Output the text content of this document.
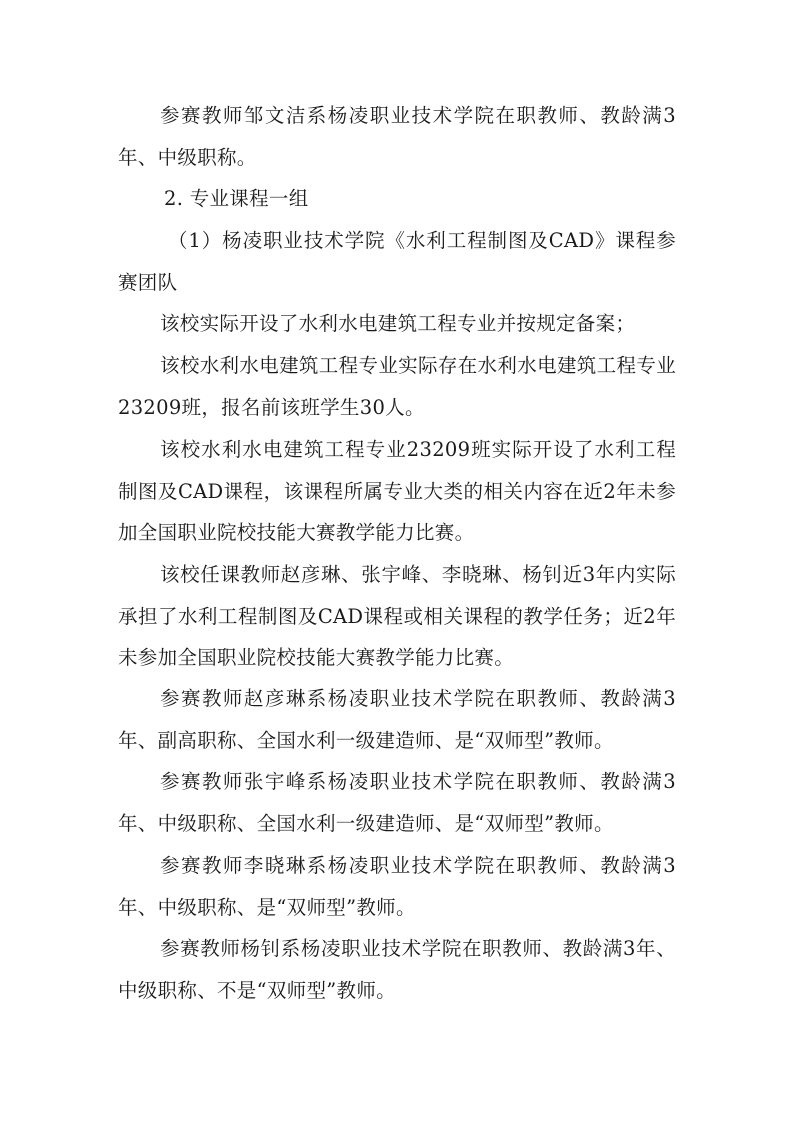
参赛教师邹文洁系杨凌职业技术学院在职教师、教龄满3年、中级职称。

2. 专业课程一组

（1）杨凌职业技术学院《水利工程制图及CAD》课程参赛团队

该校实际开设了水利水电建筑工程专业并按规定备案；

该校水利水电建筑工程专业实际存在水利水电建筑工程专业23209班，报名前该班学生30人。

该校水利水电建筑工程专业23209班实际开设了水利工程制图及CAD课程，该课程所属专业大类的相关内容在近2年未参加全国职业院校技能大赛教学能力比赛。

该校任课教师赵彦琳、张宇峰、李晓琳、杨钊近3年内实际承担了水利工程制图及CAD课程或相关课程的教学任务；近2年未参加全国职业院校技能大赛教学能力比赛。

参赛教师赵彦琳系杨凌职业技术学院在职教师、教龄满3年、副高职称、全国水利一级建造师、是“双师型”教师。

参赛教师张宇峰系杨凌职业技术学院在职教师、教龄满3年、中级职称、全国水利一级建造师、是“双师型”教师。

参赛教师李晓琳系杨凌职业技术学院在职教师、教龄满3年、中级职称、是“双师型”教师。

参赛教师杨钊系杨凌职业技术学院在职教师、教龄满3年、中级职称、不是“双师型”教师。
